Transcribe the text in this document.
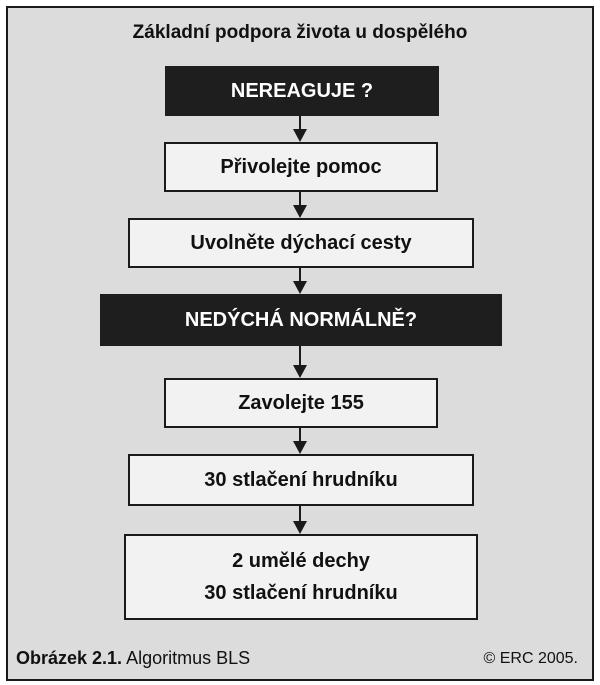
Základní podpora života u dospělého
NEREAGUJE ?
Přivolejte pomoc
Uvolněte dýchací cesty
NEDÝCHÁ NORMÁLNĚ?
Zavolejte 155
30 stlačení hrudníku
2 umělé dechy
30 stlačení hrudníku
Obrázek 2.1. Algoritmus BLS	© ERC 2005.
